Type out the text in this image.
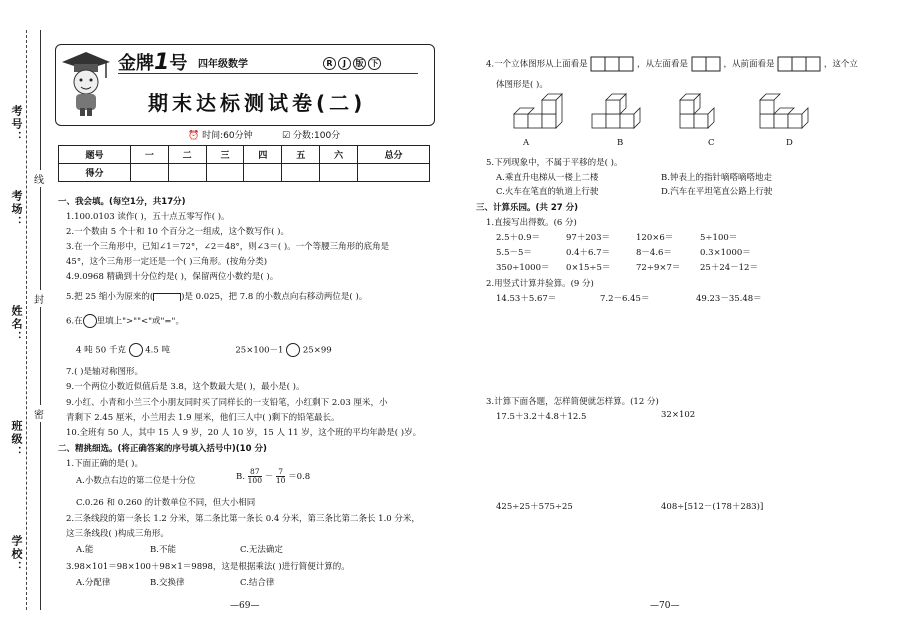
考号：
考场：
姓名：
班级：
学校：
线
封
密
金牌1号 四年级数学	R	J	版 下
期末达标测试卷(二)
⏰ 时间:60分钟	☑ 分数:100分
题号	一	二	三	四	五	六	总分
得分							
一、我会填。(每空1分，共17分)
1.100.0103 读作( )，五十点五零写作( )。
2.一个数由 5 个十和 10 个百分之一组成，这个数写作( )。
3.在一个三角形中，已知∠1＝72°，∠2＝48°，则∠3＝( )。一个等腰三角形的底角是
45°，这个三角形一定还是一个( )三角形。(按角分类)
4.9.0968 精确到十分位约是( )，保留两位小数约是( )。
5.把 25 缩小为原来的(	)是 0.025，把 7.8 的小数点向右移动两位是( )。
6.在 里填上">""<"或"="。
4 吨 50 千克 4.5 吨	25×100－1 25×99
7.( )是轴对称图形。
9.一个两位小数近似值后是 3.8，这个数最大是( )，最小是( )。
9.小红、小青和小兰三个小朋友同时买了同样长的一支铅笔，小红剩下 2.03 厘米，小
青剩下 2.45 厘米，小兰用去 1.9 厘米，他们三人中( )剩下的铅笔最长。
10.全班有 50 人，其中 15 人 9 岁，20 人 10 岁，15 人 11 岁，这个班的平均年龄是( )岁。
二、精挑细选。(将正确答案的序号填入括号中)(10 分)
1.下面正确的是( )。
A.小数点右边的第二位是十分位	B. $\frac{87}{100} - \frac{7}{10} =0.8$
C.0.26 和 0.260 的计数单位不同，但大小相同
2.三条线段的第一条长 1.2 分米，第二条比第一条长 0.4 分米，第三条比第二条长 1.0 分米，
这三条线段( )构成三角形。
A.能	B.不能	C.无法确定
3.98×101＝98×100＋98×1＝9898，这是根据乘法( )进行简便计算的。
A.分配律	B.交换律	C.结合律
—69—
4.一个立体图形从上面看是	，从左面看是	，从前面看是	，这个立
体图形是( )。
A	B	C	D
5.下列现象中，不属于平移的是( )。
A.乘直升电梯从一楼上二楼	B.钟表上的指针嘀嗒嘀嗒地走
C.火车在笔直的轨道上行驶	D.汽车在平坦笔直公路上行驶
三、计算乐园。(共 27 分)
1.直接写出得数。(6 分)
2.5＋0.9＝	97＋203＝	120×6＝	5÷100＝
5.5－5＝	0.4＋6.7＝	8－4.6＝	0.3×1000＝
350÷1000＝ 0×15÷5＝	72÷9×7＝ 25＋24－12＝
2.用竖式计算并验算。(9 分)
14.53＋5.67＝	7.2－6.45＝	49.23－35.48＝
3.计算下面各题，怎样简便就怎样算。(12 分)
17.5＋3.2＋4.8＋12.5	32×102
425÷25＋575÷25	408÷[512－(178＋283)]
—70—
